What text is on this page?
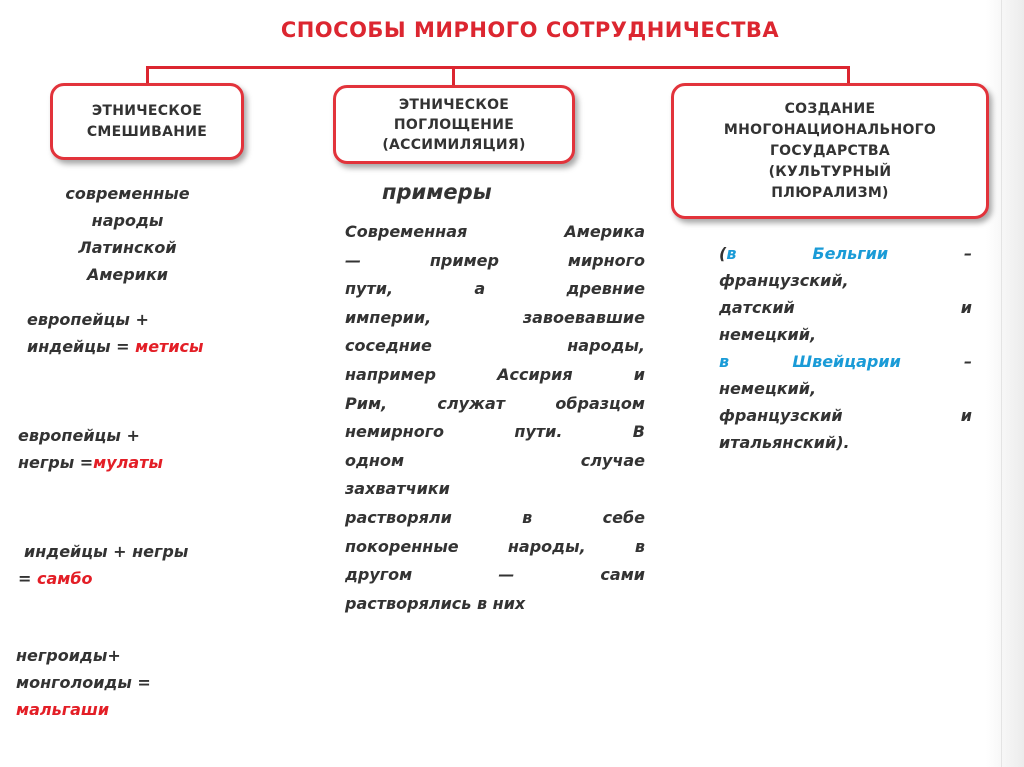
СПОСОБЫ МИРНОГО СОТРУДНИЧЕСТВА
ЭТНИЧЕСКОЕ
СМЕШИВАНИЕ
ЭТНИЧЕСКОЕ
ПОГЛОЩЕНИЕ
(АССИМИЛЯЦИЯ)
СОЗДАНИЕ
МНОГОНАЦИОНАЛЬНОГО
ГОСУДАРСТВА
(КУЛЬТУРНЫЙ
ПЛЮРАЛИЗМ)
современные
народы
Латинской
Америки
европейцы +
индейцы = метисы
европейцы +
негры =мулаты
индейцы + негры
= самбо
негроиды+
монголоиды =
мальгаши
примеры
Современная	Америка
—	пример	мирного
пути,	а	древние
империи,	завоевавшие
соседние	народы,
например	Ассирия	и
Рим,	служат	образцом
немирного	пути.	В
одном	случае
захватчики
растворяли	в	себе
покоренные	народы,	в
другом	—	сами
растворялись в них
(в	Бельгии	–
французский,
датский	и
немецкий,
в	Швейцарии	–
немецкий,
французский	и
итальянский).
